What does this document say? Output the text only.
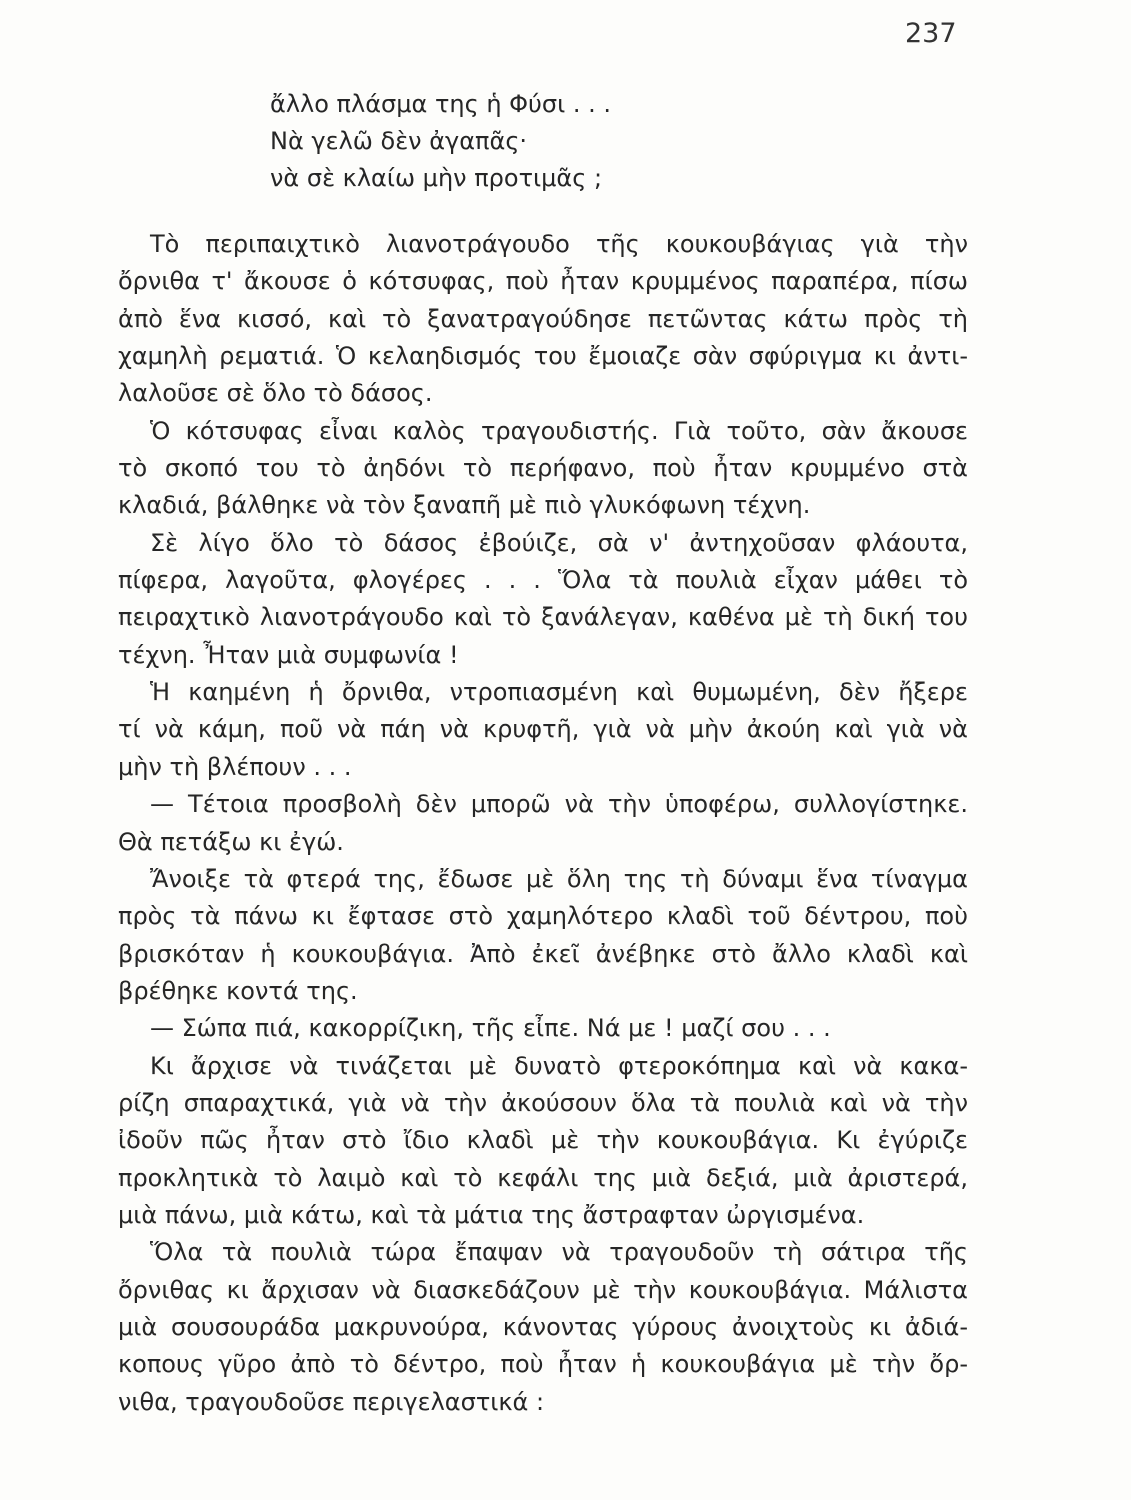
237
ἄλλο πλάσμα της ἡ Φύσι . . .
Νὰ γελῶ δὲν ἀγαπᾶς·
νὰ σὲ κλαίω μὴν προτιμᾶς ;
Τὸ περιπαιχτικὸ λιανοτράγουδο τῆς κουκουβάγιας γιὰ τὴν
ὄρνιθα τ' ἄκουσε ὁ κότσυφας, ποὺ ἦταν κρυμμένος παραπέρα, πίσω
ἀπὸ ἕνα κισσό, καὶ τὸ ξανατραγούδησε πετῶντας κάτω πρὸς τὴ
χαμηλὴ ρεματιά. Ὁ κελαηδισμός του ἔμοιαζε σὰν σφύριγμα κι ἀντι-
λαλοῦσε σὲ ὅλο τὸ δάσος.
Ὁ κότσυφας εἶναι καλὸς τραγουδιστής. Γιὰ τοῦτο, σὰν ἄκουσε
τὸ σκοπό του τὸ ἀηδόνι τὸ περήφανο, ποὺ ἦταν κρυμμένο στὰ
κλαδιά, βάλθηκε νὰ τὸν ξαναπῆ μὲ πιὸ γλυκόφωνη τέχνη.
Σὲ λίγο ὅλο τὸ δάσος ἐβούιζε, σὰ ν' ἀντηχοῦσαν φλάουτα,
πίφερα, λαγοῦτα, φλογέρες . . . Ὅλα τὰ πουλιὰ εἶχαν μάθει τὸ
πειραχτικὸ λιανοτράγουδο καὶ τὸ ξανάλεγαν, καθένα μὲ τὴ δική του
τέχνη. Ἦταν μιὰ συμφωνία !
Ἡ καημένη ἡ ὄρνιθα, ντροπιασμένη καὶ θυμωμένη, δὲν ἤξερε
τί νὰ κάμη, ποῦ νὰ πάη νὰ κρυφτῆ, γιὰ νὰ μὴν ἀκούη καὶ γιὰ νὰ
μὴν τὴ βλέπουν . . .
— Τέτοια προσβολὴ δὲν μπορῶ νὰ τὴν ὑποφέρω, συλλογίστηκε.
Θὰ πετάξω κι ἐγώ.
Ἄνοιξε τὰ φτερά της, ἔδωσε μὲ ὅλη της τὴ δύναμι ἕνα τίναγμα
πρὸς τὰ πάνω κι ἔφτασε στὸ χαμηλότερο κλαδὶ τοῦ δέντρου, ποὺ
βρισκόταν ἡ κουκουβάγια. Ἀπὸ ἐκεῖ ἀνέβηκε στὸ ἄλλο κλαδὶ καὶ
βρέθηκε κοντά της.
— Σώπα πιά, κακορρίζικη, τῆς εἶπε. Νά με ! μαζί σου . . .
Κι ἄρχισε νὰ τινάζεται μὲ δυνατὸ φτεροκόπημα καὶ νὰ κακα-
ρίζη σπαραχτικά, γιὰ νὰ τὴν ἀκούσουν ὅλα τὰ πουλιὰ καὶ νὰ τὴν
ἰδοῦν πῶς ἦταν στὸ ἴδιο κλαδὶ μὲ τὴν κουκουβάγια. Κι ἐγύριζε
προκλητικὰ τὸ λαιμὸ καὶ τὸ κεφάλι της μιὰ δεξιά, μιὰ ἀριστερά,
μιὰ πάνω, μιὰ κάτω, καὶ τὰ μάτια της ἄστραφταν ὠργισμένα.
Ὅλα τὰ πουλιὰ τώρα ἔπαψαν νὰ τραγουδοῦν τὴ σάτιρα τῆς
ὄρνιθας κι ἄρχισαν νὰ διασκεδάζουν μὲ τὴν κουκουβάγια. Μάλιστα
μιὰ σουσουράδα μακρυνούρα, κάνοντας γύρους ἀνοιχτοὺς κι ἀδιά-
κοπους γῦρο ἀπὸ τὸ δέντρο, ποὺ ἦταν ἡ κουκουβάγια μὲ τὴν ὄρ-
νιθα, τραγουδοῦσε περιγελαστικά :
